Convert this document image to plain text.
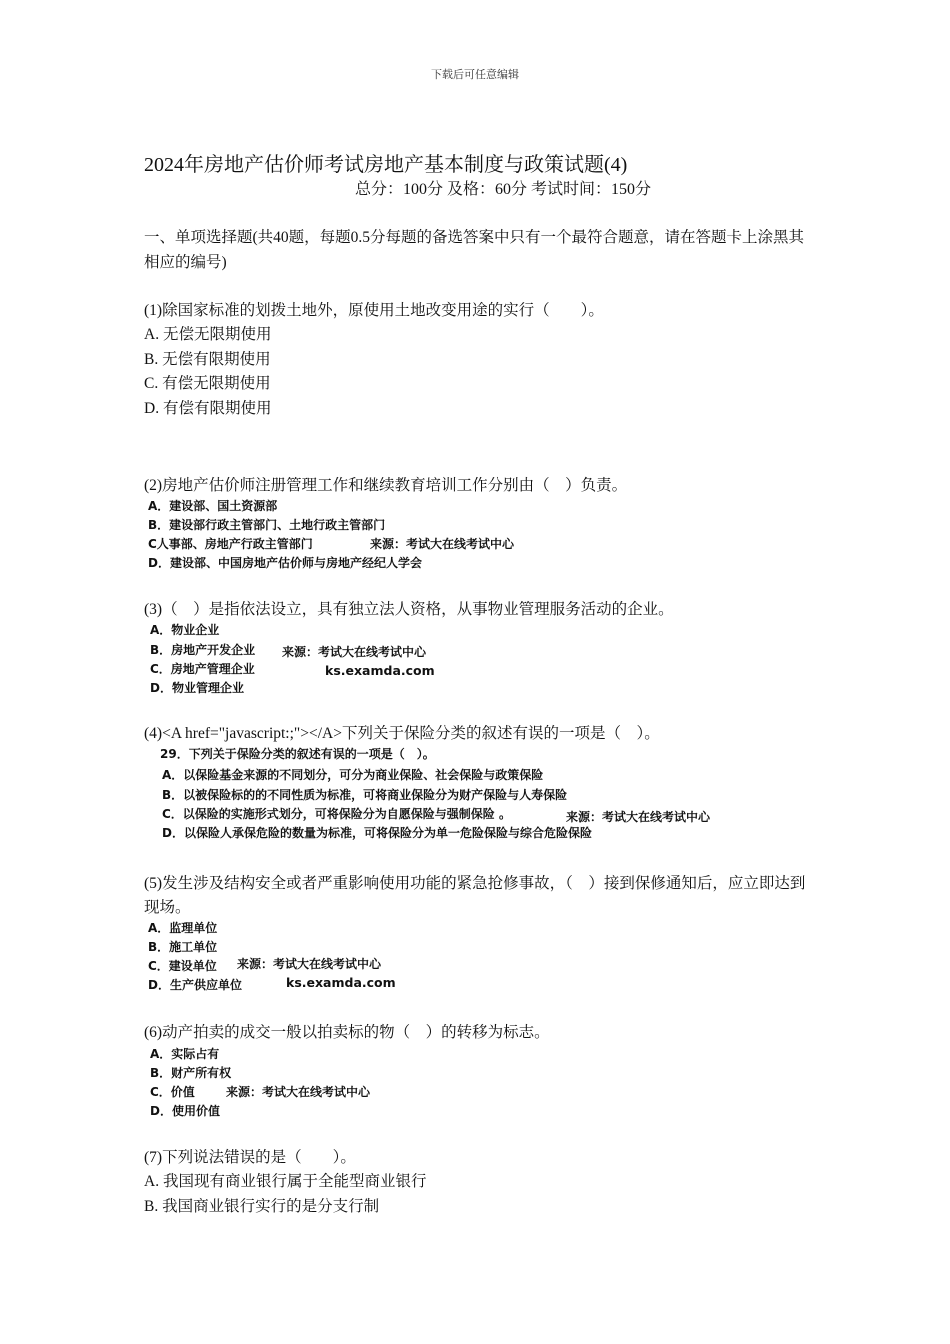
下载后可任意编辑
2024年房地产估价师考试房地产基本制度与政策试题(4)
总分：100分 及格：60分 考试时间：150分
一、单项选择题(共40题，每题0.5分每题的备选答案中只有一个最符合题意，请在答题卡上涂黑其相应的编号)
(1)除国家标准的划拨土地外，原使用土地改变用途的实行（　　）。
A. 无偿无限期使用
B. 无偿有限期使用
C. 有偿无限期使用
D. 有偿有限期使用
(2)房地产估价师注册管理工作和继续教育培训工作分别由（　）负责。
A．建设部、国土资源部
B．建设部行政主管部门、土地行政主管部门
C人事部、房地产行政主管部门	来源：考试大在线考试中心
D．建设部、中国房地产估价师与房地产经纪人学会
(3)（　）是指依法设立，具有独立法人资格，从事物业管理服务活动的企业。
A．物业企业
B．房地产开发企业 来源：考试大在线考试中心
C．房地产管理企业	ks.examda.com
D．物业管理企业
(4)<A href="javascript:;"></A>下列关于保险分类的叙述有误的一项是（　）。
29．下列关于保险分类的叙述有误的一项是（　）。
A．以保险基金来源的不同划分，可分为商业保险、社会保险与政策保险
B．以被保险标的的不同性质为标准，可将商业保险分为财产保险与人寿保险
C．以保险的实施形式划分，可将保险分为自愿保险与强制保险 。	来源：考试大在线考试中心
D．以保险人承保危险的数量为标准，可将保险分为单一危险保险与综合危险保险
(5)发生涉及结构安全或者严重影响使用功能的紧急抢修事故，（　）接到保修通知后，应立即达到现场。
A．监理单位
B．施工单位
C．建设单位 来源：考试大在线考试中心
D．生产供应单位	ks.examda.com
(6)动产拍卖的成交一般以拍卖标的物（　）的转移为标志。
A．实际占有
B．财产所有权
C．价值	来源：考试大在线考试中心
D．使用价值
(7)下列说法错误的是（　　）。
A. 我国现有商业银行属于全能型商业银行
B. 我国商业银行实行的是分支行制
